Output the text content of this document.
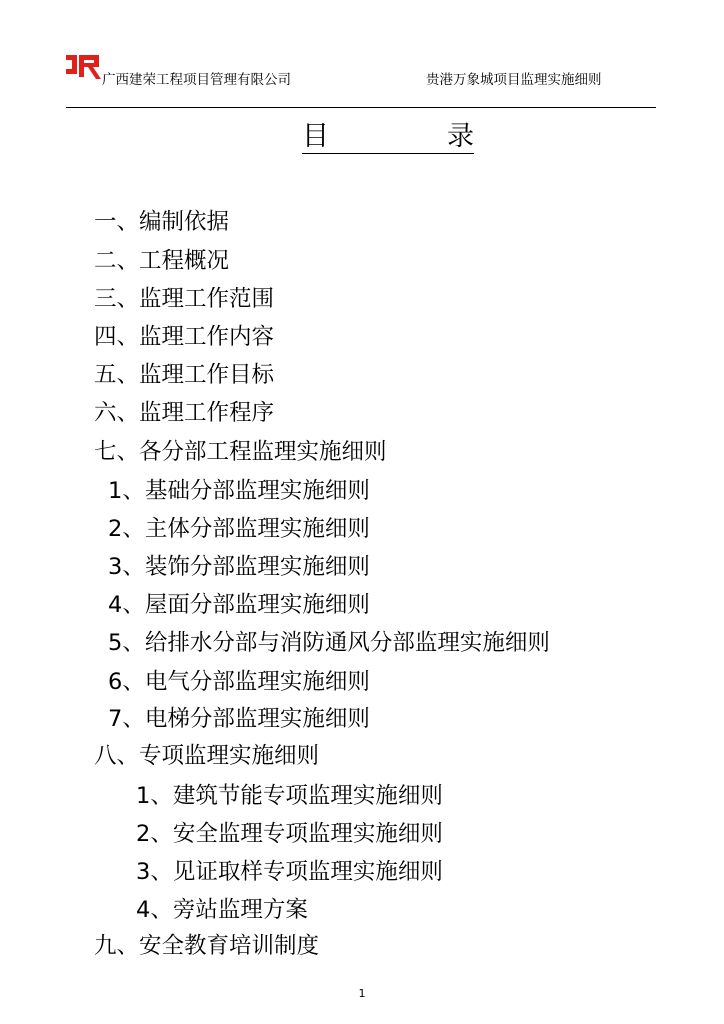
广西建荣工程项目管理有限公司	贵港万象城项目监理实施细则
目	录
一、编制依据
二、工程概况
三、监理工作范围
四、监理工作内容
五、监理工作目标
六、监理工作程序
七、各分部工程监理实施细则
1、基础分部监理实施细则
2、主体分部监理实施细则
3、装饰分部监理实施细则
4、屋面分部监理实施细则
5、给排水分部与消防通风分部监理实施细则
6、电气分部监理实施细则
7、电梯分部监理实施细则
八、专项监理实施细则
1、建筑节能专项监理实施细则
2、安全监理专项监理实施细则
3、见证取样专项监理实施细则
4、旁站监理方案
九、安全教育培训制度
1
